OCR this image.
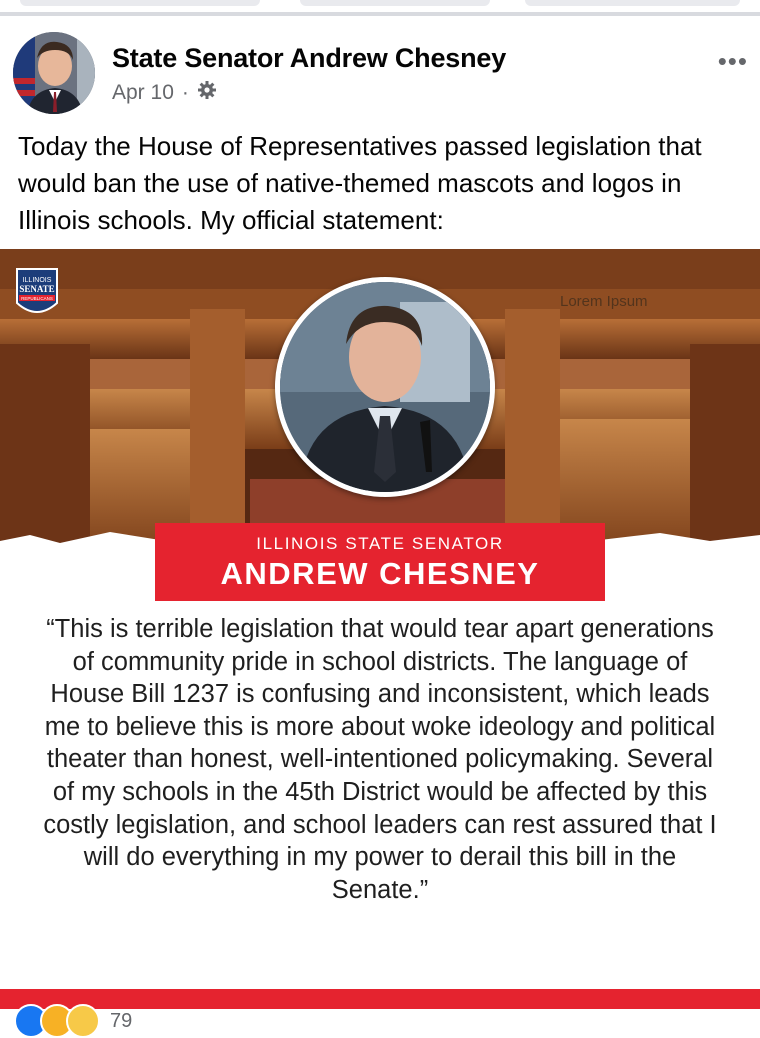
State Senator Andrew Chesney
Apr 10 ·
•••
Today the House of Representatives passed legislation that would ban the use of native-themed mascots and logos in Illinois schools. My official statement:
ILLINOIS
SENATE
REPUBLICANS	Lorem Ipsum
ILLINOIS STATE SENATOR
ANDREW CHESNEY
“This is terrible legislation that would tear apart generations of community pride in school districts. The language of House Bill 1237 is confusing and inconsistent, which leads me to believe this is more about woke ideology and political theater than honest, well-intentioned policymaking. Several of my schools in the 45th District would be affected by this costly legislation, and school leaders can rest assured that I will do everything in my power to derail this bill in the Senate.”
79
